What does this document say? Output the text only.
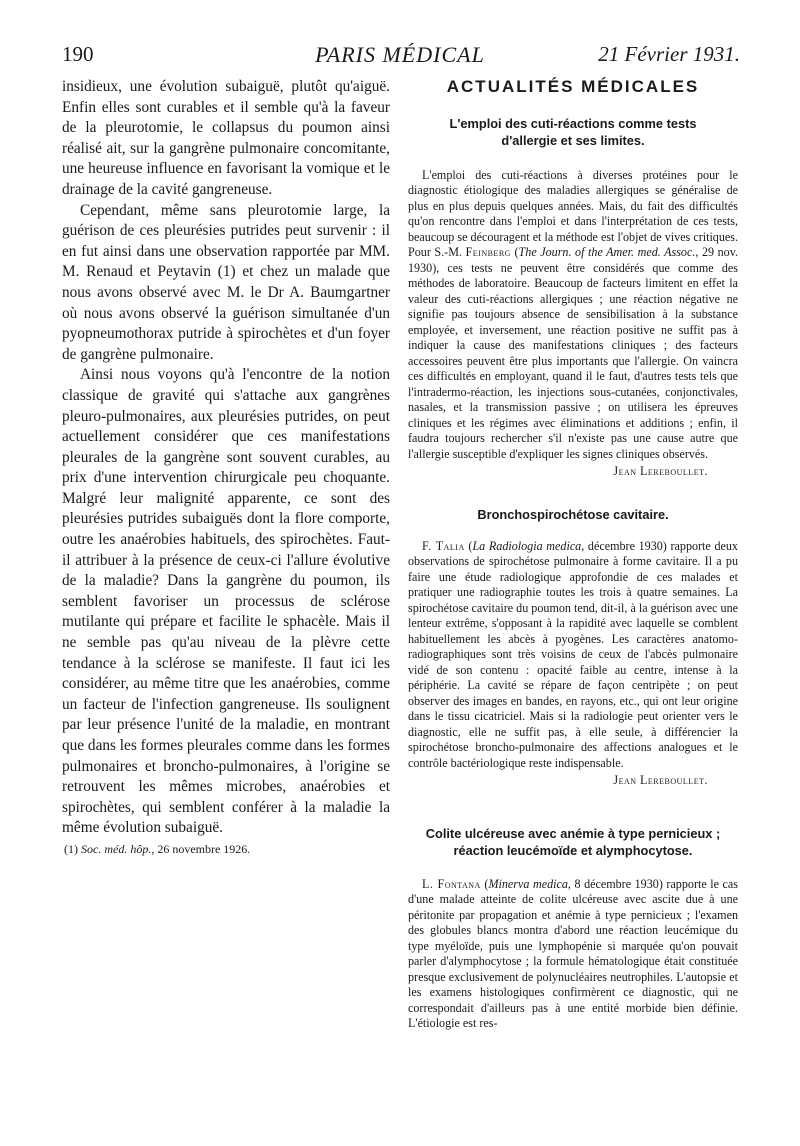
190	PARIS MÉDICAL	21 Février 1931.

insidieux, une évolution subaiguë, plutôt qu'aiguë. Enfin elles sont curables et il semble qu'à la faveur de la pleurotomie, le collapsus du poumon ainsi réalisé ait, sur la gangrène pulmonaire concomitante, une heureuse influence en favorisant la vomique et le drainage de la cavité gangreneuse.

Cependant, même sans pleurotomie large, la guérison de ces pleurésies putrides peut survenir : il en fut ainsi dans une observation rapportée par MM. M. Renaud et Peytavin (1) et chez un malade que nous avons observé avec M. le Dr A. Baumgartner où nous avons observé la guérison simultanée d'un pyopneumothorax putride à spirochètes et d'un foyer de gangrène pulmonaire.

Ainsi nous voyons qu'à l'encontre de la notion classique de gravité qui s'attache aux gangrènes pleuro-pulmonaires, aux pleurésies putrides, on peut actuellement considérer que ces manifestations pleurales de la gangrène sont souvent curables, au prix d'une intervention chirurgicale peu choquante. Malgré leur malignité apparente, ce sont des pleurésies putrides subaiguës dont la flore comporte, outre les anaérobies habituels, des spirochètes. Faut-il attribuer à la présence de ceux-ci l'allure évolutive de la maladie? Dans la gangrène du poumon, ils semblent favoriser un processus de sclérose mutilante qui prépare et facilite le sphacèle. Mais il ne semble pas qu'au niveau de la plèvre cette tendance à la sclérose se manifeste. Il faut ici les considérer, au même titre que les anaérobies, comme un facteur de l'infection gangreneuse. Ils soulignent par leur présence l'unité de la maladie, en montrant que dans les formes pleurales comme dans les formes pulmonaires et broncho-pulmonaires, à l'origine se retrouvent les mêmes microbes, anaérobies et spirochètes, qui semblent conférer à la maladie la même évolution subaiguë.

(1) Soc. méd. hôp., 26 novembre 1926.

ACTUALITÉS MÉDICALES
L'emploi des cuti-réactions comme tests d'allergie et ses limites.

L'emploi des cuti-réactions à diverses protéines pour le diagnostic étiologique des maladies allergiques se généralise de plus en plus depuis quelques années. Mais, du fait des difficultés qu'on rencontre dans l'emploi et dans l'interprétation de ces tests, beaucoup se découragent et la méthode est l'objet de vives critiques. Pour S.-M. Feinberg (The Journ. of the Amer. med. Assoc., 29 nov. 1930), ces tests ne peuvent être considérés que comme des méthodes de laboratoire. Beaucoup de facteurs limitent en effet la valeur des cuti-réactions allergiques ; une réaction négative ne signifie pas toujours absence de sensibilisation à la substance employée, et inversement, une réaction positive ne suffit pas à indiquer la cause des manifestations cliniques ; des facteurs accessoires peuvent être plus importants que l'allergie. On vaincra ces difficultés en employant, quand il le faut, d'autres tests tels que l'intradermo-réaction, les injections sous-cutanées, conjonctivales, nasales, et la transmission passive ; on utilisera les épreuves cliniques et les régimes avec éliminations et additions ; enfin, il faudra toujours rechercher s'il n'existe pas une cause autre que l'allergie susceptible d'expliquer les signes cliniques observés.

Jean Lereboullet.
Bronchospirochétose cavitaire.

F. Talia (La Radiologia medica, décembre 1930) rapporte deux observations de spirochétose pulmonaire à forme cavitaire. Il a pu faire une étude radiologique approfondie de ces malades et pratiquer une radiographie toutes les trois à quatre semaines. La spirochétose cavitaire du poumon tend, dit-il, à la guérison avec une lenteur extrême, s'opposant à la rapidité avec laquelle se comblent habituellement les abcès à pyogènes. Les caractères anatomo-radiographiques sont très voisins de ceux de l'abcès pulmonaire vidé de son contenu : opacité faible au centre, intense à la périphérie. La cavité se répare de façon centripète ; on peut observer des images en bandes, en rayons, etc., qui ont leur origine dans le tissu cicatriciel. Mais si la radiologie peut orienter vers le diagnostic, elle ne suffit pas, à elle seule, à différencier la spirochétose broncho-pulmonaire des affections analogues et le contrôle bactériologique reste indispensable.

Jean Lereboullet.
Colite ulcéreuse avec anémie à type pernicieux ; réaction leucémoïde et alymphocytose.

L. Fontana (Minerva medica, 8 décembre 1930) rapporte le cas d'une malade atteinte de colite ulcéreuse avec ascite due à une péritonite par propagation et anémie à type pernicieux ; l'examen des globules blancs montra d'abord une réaction leucémique du type myéloïde, puis une lymphopénie si marquée qu'on pouvait parler d'alymphocytose ; la formule hématologique était constituée presque exclusivement de polynucléaires neutrophiles. L'autopsie et les examens histologiques confirmèrent ce diagnostic, qui ne correspondait d'ailleurs pas à une entité morbide bien définie. L'étiologie est res-
